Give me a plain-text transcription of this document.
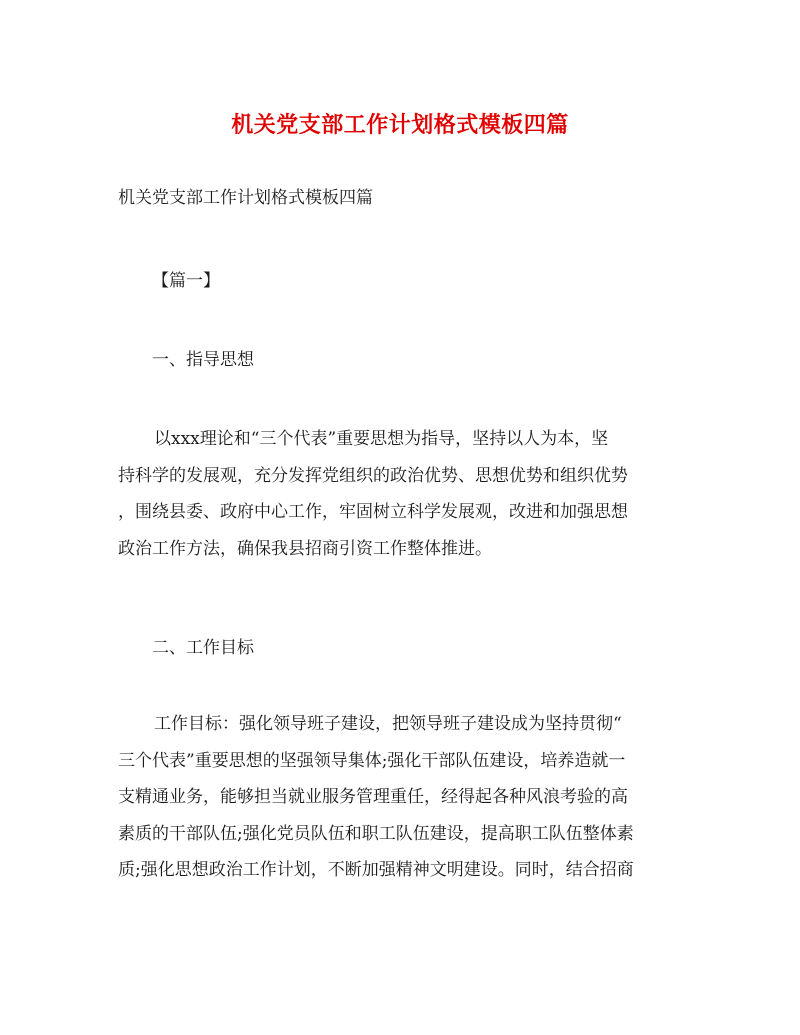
机关党支部工作计划格式模板四篇
机关党支部工作计划格式模板四篇
【篇一】
一、指导思想
以xxx理论和“三个代表”重要思想为指导，坚持以人为本，坚
持科学的发展观，充分发挥党组织的政治优势、思想优势和组织优势
，围绕县委、政府中心工作，牢固树立科学发展观，改进和加强思想
政治工作方法，确保我县招商引资工作整体推进。
二、工作目标
工作目标：强化领导班子建设，把领导班子建设成为坚持贯彻“
三个代表”重要思想的坚强领导集体;强化干部队伍建设，培养造就一
支精通业务，能够担当就业服务管理重任，经得起各种风浪考验的高
素质的干部队伍;强化党员队伍和职工队伍建设，提高职工队伍整体素
质;强化思想政治工作计划，不断加强精神文明建设。同时，结合招商
